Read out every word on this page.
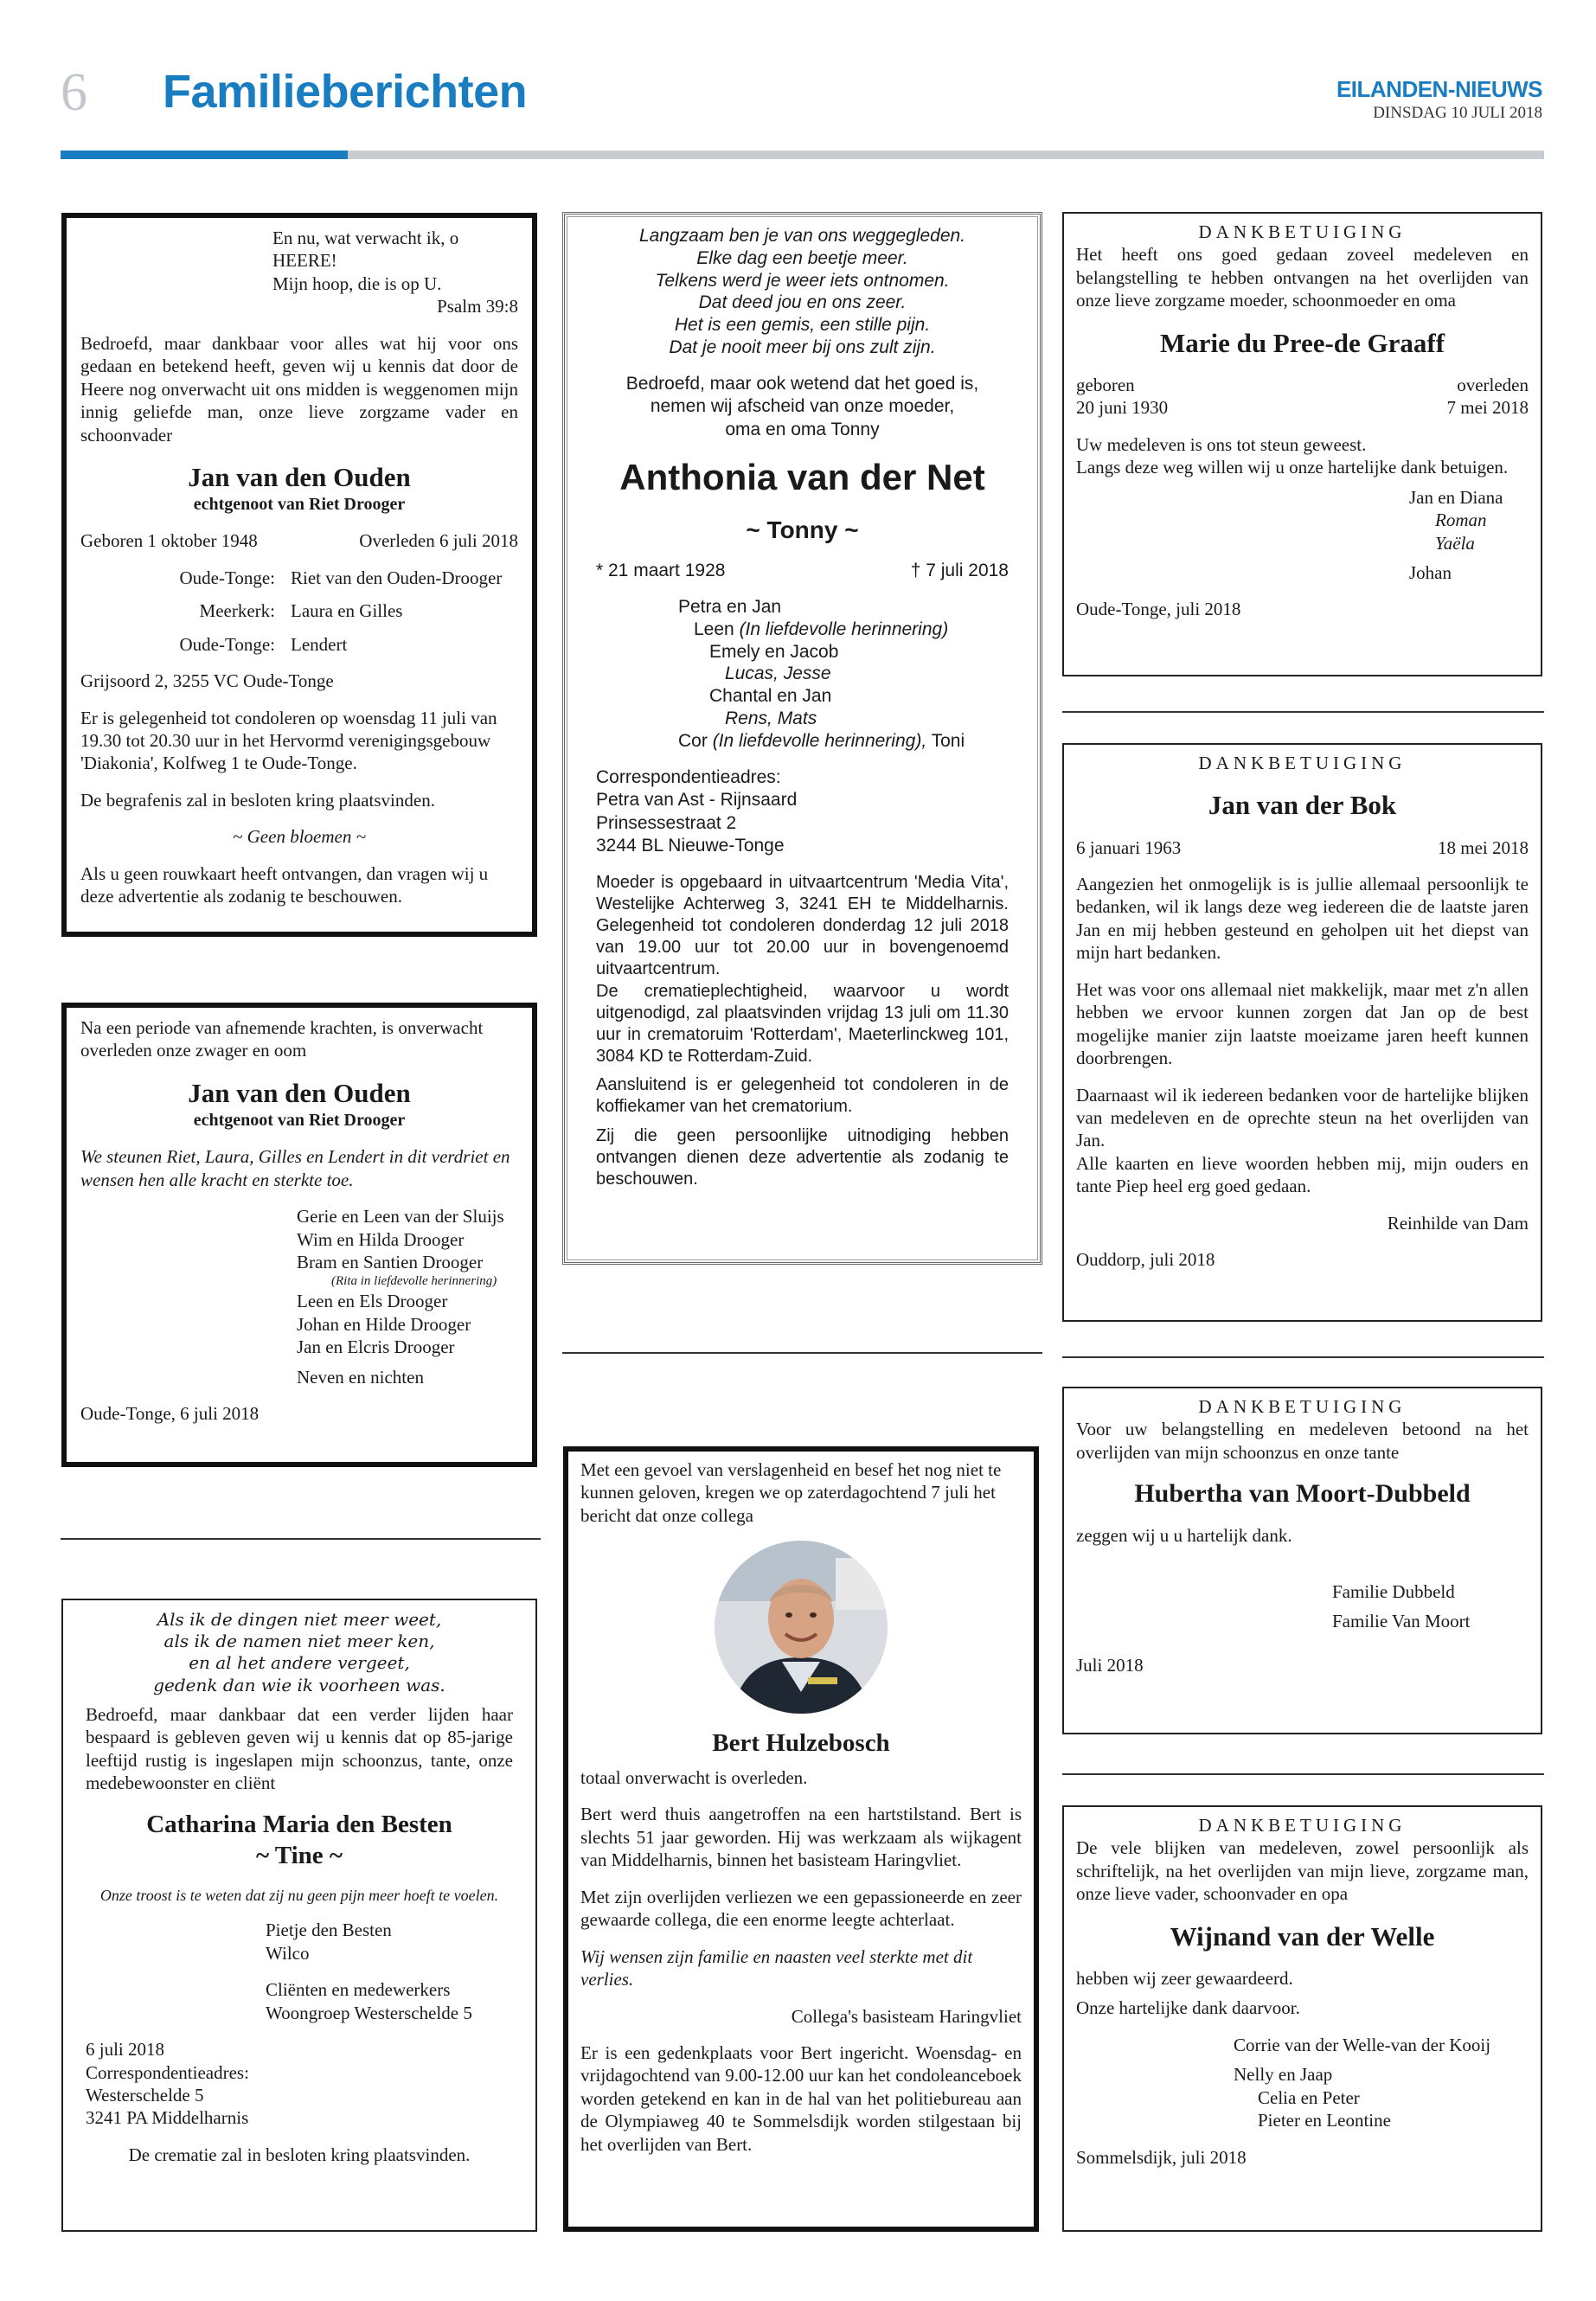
6 Familieberichten	EILANDEN-NIEUWS
DINSDAG 10 JULI 2018

En nu, wat verwacht ik, o HEERE!

Mijn hoop, die is op U.

Psalm 39:8

Bedroefd, maar dankbaar voor alles wat hij voor ons gedaan en betekend heeft, geven wij u kennis dat door de Heere nog onverwacht uit ons midden is weggenomen mijn innig geliefde man, onze lieve zorgzame vader en schoonvader

Jan van den Ouden

echtgenoot van Riet Drooger

Geboren 1 oktober 1948	Overleden 6 juli 2018
Oude-Tonge: Riet van den Ouden-Drooger
Meerkerk: Laura en Gilles
Oude-Tonge: Lendert

Grijsoord 2, 3255 VC Oude-Tonge

Er is gelegenheid tot condoleren op woensdag 11 juli van 19.30 tot 20.30 uur in het Hervormd verenigingsgebouw 'Diakonia', Kolfweg 1 te Oude-Tonge.

De begrafenis zal in besloten kring plaatsvinden.

~ Geen bloemen ~

Als u geen rouwkaart heeft ontvangen, dan vragen wij u deze advertentie als zodanig te beschouwen.

Na een periode van afnemende krachten, is onverwacht overleden onze zwager en oom

Jan van den Ouden

echtgenoot van Riet Drooger

We steunen Riet, Laura, Gilles en Lendert in dit verdriet en wensen hen alle kracht en sterkte toe.

Gerie en Leen van der Sluijs

Wim en Hilda Drooger

Bram en Santien Drooger

(Rita in liefdevolle herinnering)

Leen en Els Drooger

Johan en Hilde Drooger

Jan en Elcris Drooger

Neven en nichten

Oude-Tonge, 6 juli 2018

Als ik de dingen niet meer weet,

als ik de namen niet meer ken,

en al het andere vergeet,

gedenk dan wie ik voorheen was.

Bedroefd, maar dankbaar dat een verder lijden haar bespaard is gebleven geven wij u kennis dat op 85-jarige leeftijd rustig is ingeslapen mijn schoonzus, tante, onze medebewoonster en cliënt

Catharina Maria den Besten

~ Tine ~

Onze troost is te weten dat zij nu geen pijn meer hoeft te voelen.

Pietje den Besten

Wilco

Cliënten en medewerkers

Woongroep Westerschelde 5

6 juli 2018

Correspondentieadres:

Westerschelde 5

3241 PA Middelharnis

De crematie zal in besloten kring plaatsvinden.

Langzaam ben je van ons weggegleden.

Elke dag een beetje meer.

Telkens werd je weer iets ontnomen.

Dat deed jou en ons zeer.

Het is een gemis, een stille pijn.

Dat je nooit meer bij ons zult zijn.

Bedroefd, maar ook wetend dat het goed is,

nemen wij afscheid van onze moeder,

oma en oma Tonny

Anthonia van der Net

~ Tonny ~

* 21 maart 1928	† 7 juli 2018

Petra en Jan

Leen (In liefdevolle herinnering)

Emely en Jacob

Lucas, Jesse

Chantal en Jan

Rens, Mats

Cor (In liefdevolle herinnering), Toni

Correspondentieadres:

Petra van Ast - Rijnsaard

Prinsessestraat 2

3244 BL Nieuwe-Tonge

Moeder is opgebaard in uitvaartcentrum 'Media Vita', Westelijke Achterweg 3, 3241 EH te Middelharnis. Gelegenheid tot condoleren donderdag 12 juli 2018 van 19.00 uur tot 20.00 uur in bovengenoemd uitvaartcentrum.

De crematieplechtigheid, waarvoor u wordt uitgenodigd, zal plaatsvinden vrijdag 13 juli om 11.30 uur in crematoruim 'Rotterdam', Maeterlinckweg 101, 3084 KD te Rotterdam-Zuid.

Aansluitend is er gelegenheid tot condoleren in de koffiekamer van het crematorium.

Zij die geen persoonlijke uitnodiging hebben ontvangen dienen deze advertentie als zodanig te beschouwen.

Met een gevoel van verslagenheid en besef het nog niet te kunnen geloven, kregen we op zaterdagochtend 7 juli het bericht dat onze collega

Bert Hulzebosch

totaal onverwacht is overleden.

Bert werd thuis aangetroffen na een hartstilstand. Bert is slechts 51 jaar geworden. Hij was werkzaam als wijkagent van Middelharnis, binnen het basisteam Haringvliet.

Met zijn overlijden verliezen we een gepassioneerde en zeer gewaarde collega, die een enorme leegte achterlaat.

Wij wensen zijn familie en naasten veel sterkte met dit verlies.

Collega's basisteam Haringvliet

Er is een gedenkplaats voor Bert ingericht. Woensdag- en vrijdagochtend van 9.00-12.00 uur kan het condoleanceboek worden getekend en kan in de hal van het politiebureau aan de Olympiaweg 40 te Sommelsdijk worden stilgestaan bij het overlijden van Bert.

DANKBETUIGING

Het heeft ons goed gedaan zoveel medeleven en belangstelling te hebben ontvangen na het overlijden van onze lieve zorgzame moeder, schoonmoeder en oma

Marie du Pree-de Graaff

geboren	overleden
20 juni 1930	7 mei 2018

Uw medeleven is ons tot steun geweest.

Langs deze weg willen wij u onze hartelijke dank betuigen.

Jan en Diana

Roman

Yaëla

Johan

Oude-Tonge, juli 2018

DANKBETUIGING

Jan van der Bok

6 januari 1963	18 mei 2018

Aangezien het onmogelijk is is jullie allemaal persoonlijk te bedanken, wil ik langs deze weg iedereen die de laatste jaren Jan en mij hebben gesteund en geholpen uit het diepst van mijn hart bedanken.

Het was voor ons allemaal niet makkelijk, maar met z'n allen hebben we ervoor kunnen zorgen dat Jan op de best mogelijke manier zijn laatste moeizame jaren heeft kunnen doorbrengen.

Daarnaast wil ik iedereen bedanken voor de hartelijke blijken van medeleven en de oprechte steun na het overlijden van Jan.

Alle kaarten en lieve woorden hebben mij, mijn ouders en tante Piep heel erg goed gedaan.

Reinhilde van Dam

Ouddorp, juli 2018

DANKBETUIGING

Voor uw belangstelling en medeleven betoond na het overlijden van mijn schoonzus en onze tante

Hubertha van Moort-Dubbeld

zeggen wij u u hartelijk dank.

Familie Dubbeld

Familie Van Moort

Juli 2018

DANKBETUIGING

De vele blijken van medeleven, zowel persoonlijk als schriftelijk, na het overlijden van mijn lieve, zorgzame man, onze lieve vader, schoonvader en opa

Wijnand van der Welle

hebben wij zeer gewaardeerd.

Onze hartelijke dank daarvoor.

Corrie van der Welle-van der Kooij

Nelly en Jaap

Celia en Peter

Pieter en Leontine

Sommelsdijk, juli 2018
